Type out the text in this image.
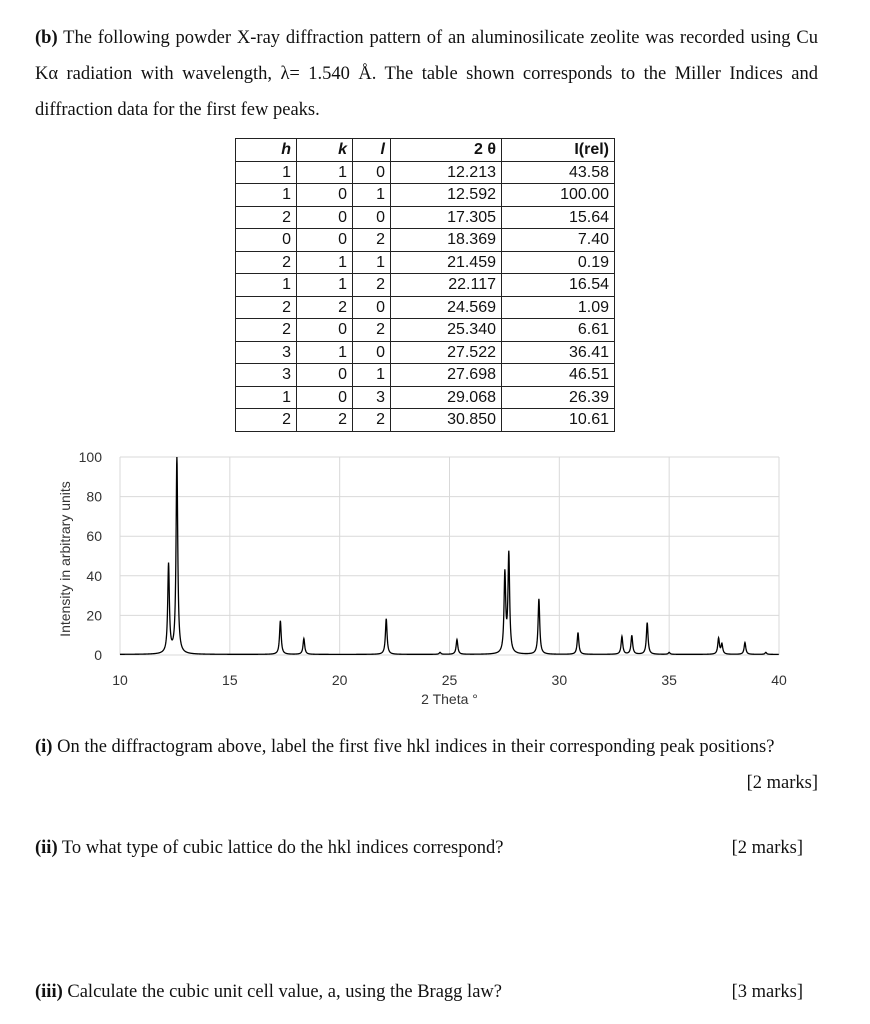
(b) The following powder X-ray diffraction pattern of an aluminosilicate zeolite was recorded using Cu Kα radiation with wavelength, λ= 1.540 Å. The table shown corresponds to the Miller Indices and diffraction data for the first few peaks.
h	k	l	2 θ	I(rel)
1	1	0	12.213	43.58
1	0	1	12.592	100.00
2	0	0	17.305	15.64
0	0	2	18.369	7.40
2	1	1	21.459	0.19
1	1	2	22.117	16.54
2	2	0	24.569	1.09
2	0	2	25.340	6.61
3	1	0	27.522	36.41
3	0	1	27.698	46.51
1	0	3	29.068	26.39
2	2	2	30.850	10.61
0
20
40
60
80
100
10	15	20	25	30	35	40
2 Theta °
Intensity in arbitrary units
(i) On the diffractogram above, label the first five hkl indices in their corresponding peak positions?

[2 marks]
(ii) To what type of cubic lattice do the hkl indices correspond?	[2 marks]
(iii) Calculate the cubic unit cell value, a, using the Bragg law?	[3 marks]
